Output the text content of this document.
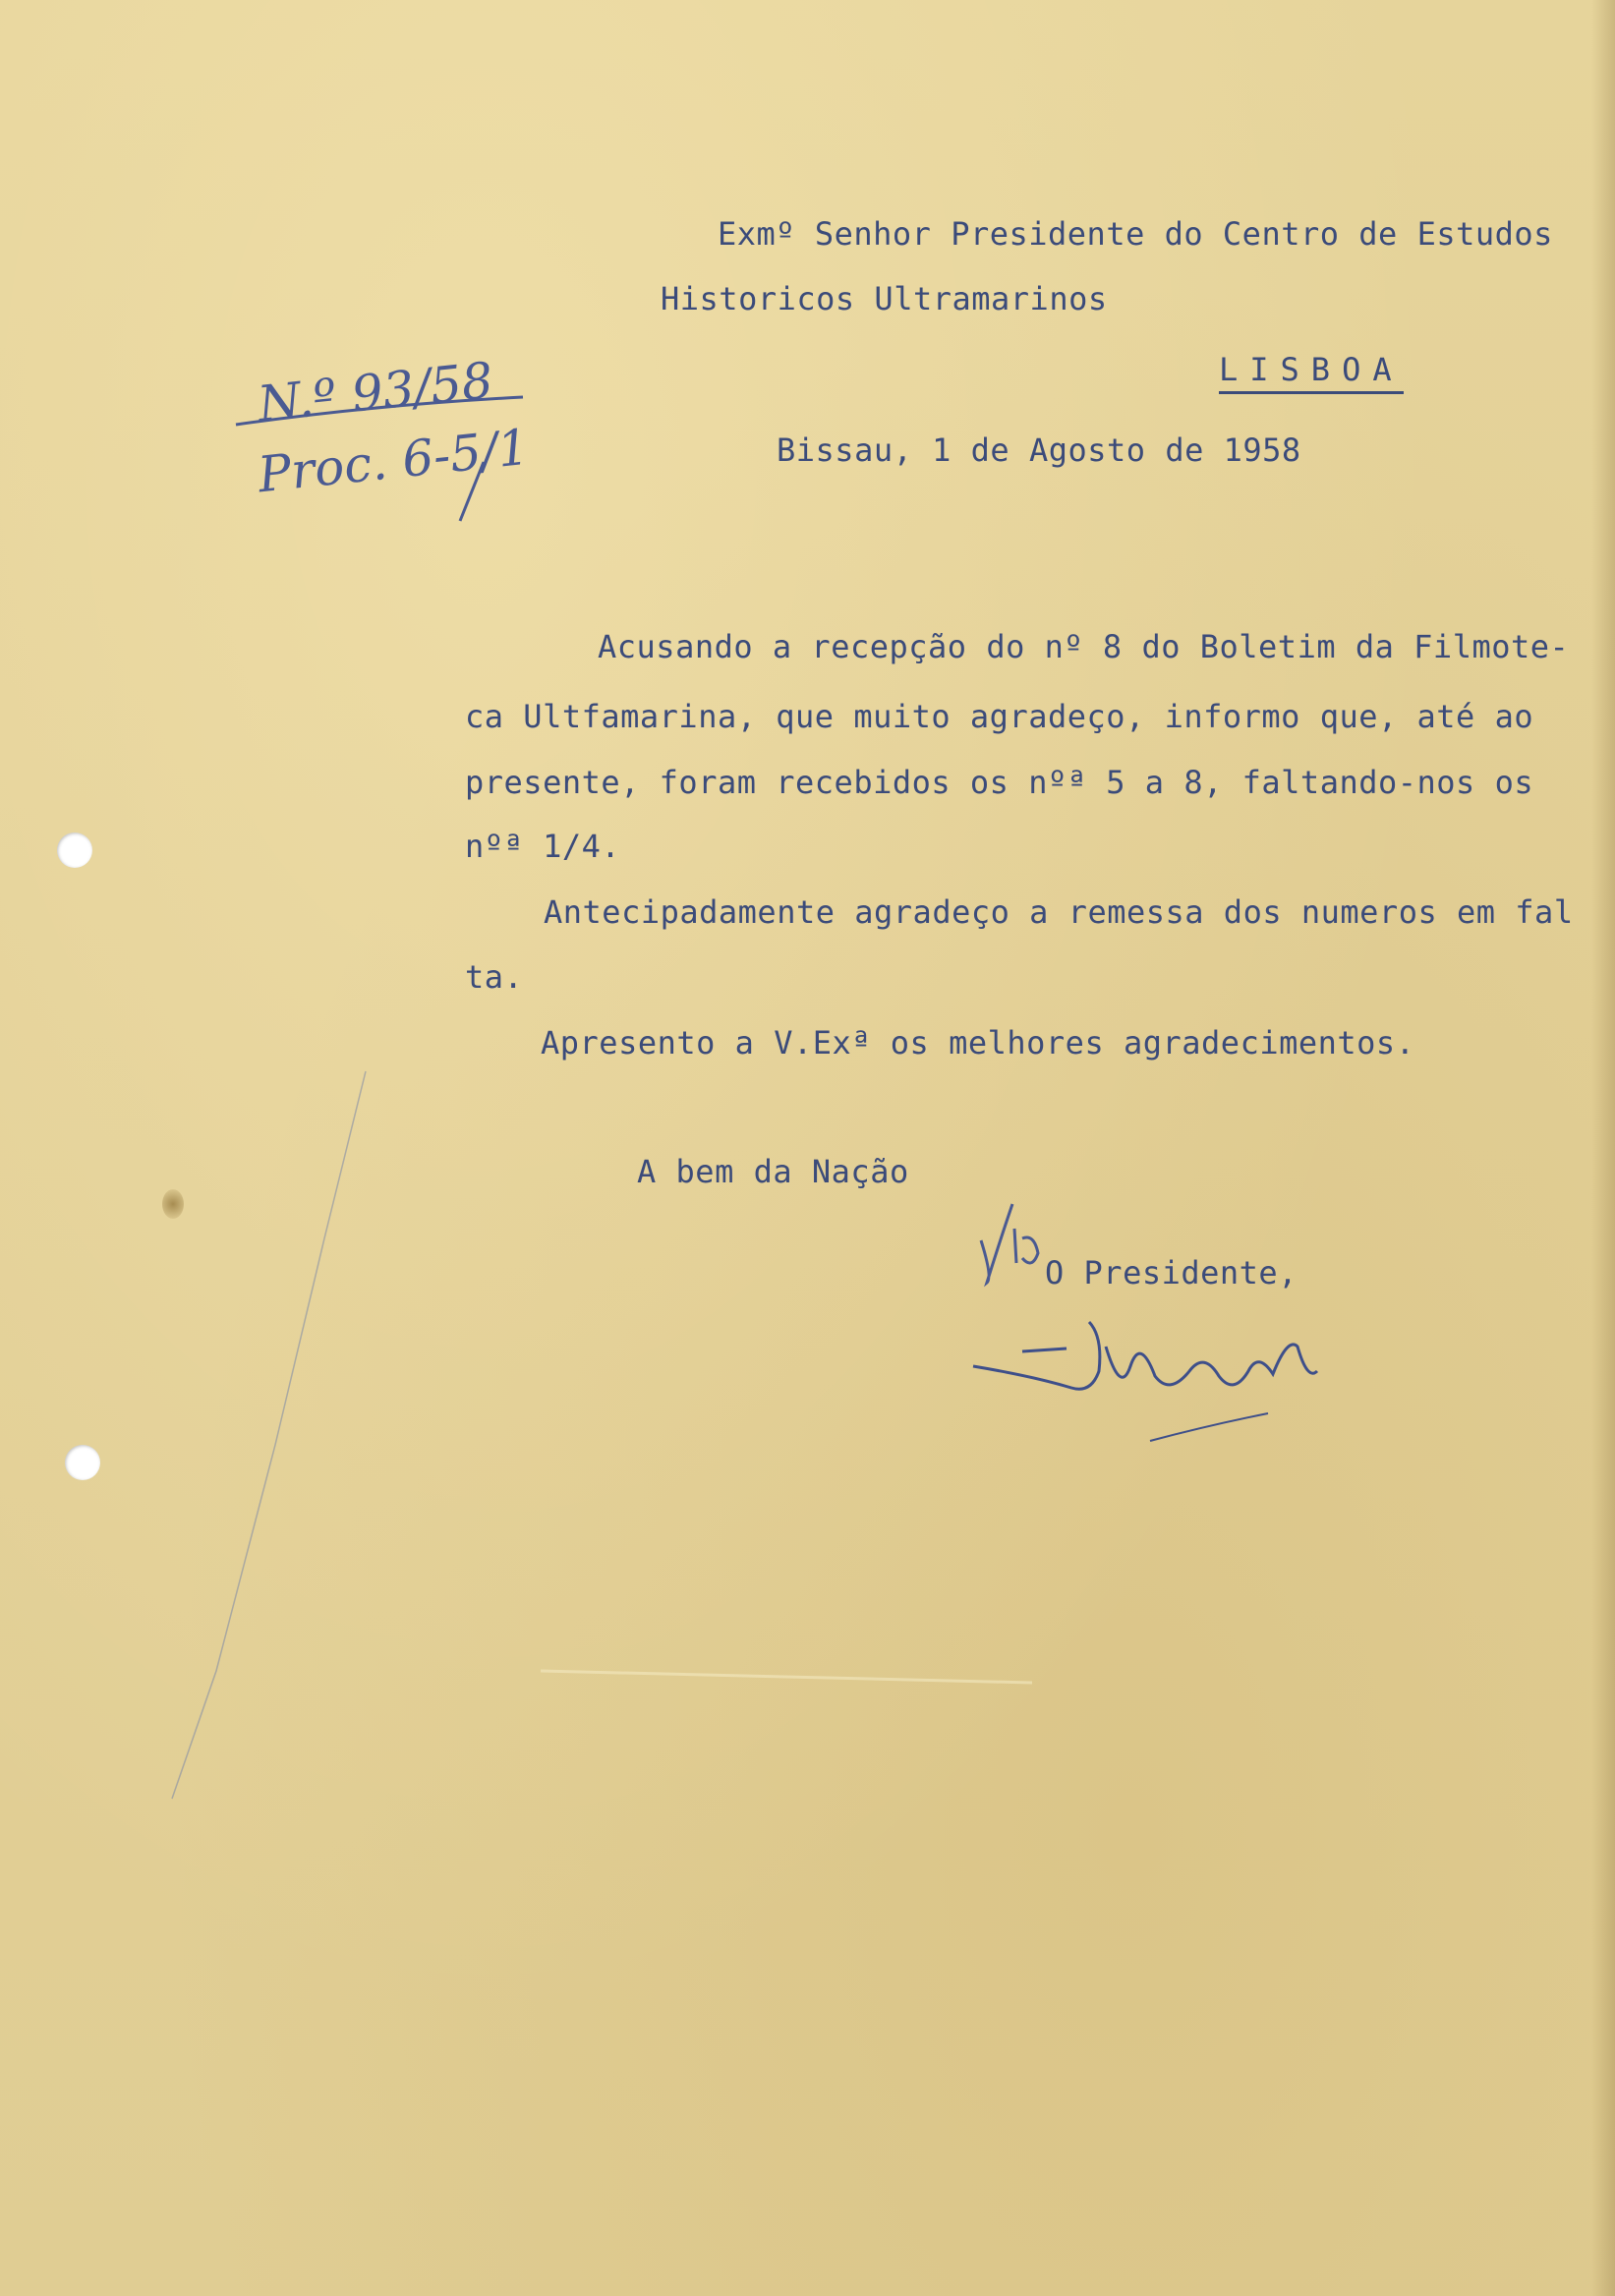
Exmº Senhor Presidente do Centro de Estudos
Historicos Ultramarinos
LISBOA
Bissau, 1 de Agosto de 1958
Acusando a recepção do nº 8 do Boletim da Filmote-
ca Ultfamarina, que muito agradeço, informo que, até ao
presente, foram recebidos os nºª 5 a 8, faltando-nos os
nºª 1/4.
Antecipadamente agradeço a remessa dos numeros em fal
ta.
Apresento a V.Exª os melhores agradecimentos.
A bem da Nação
O Presidente,
N.º 93/58
Proc. 6-5/1
